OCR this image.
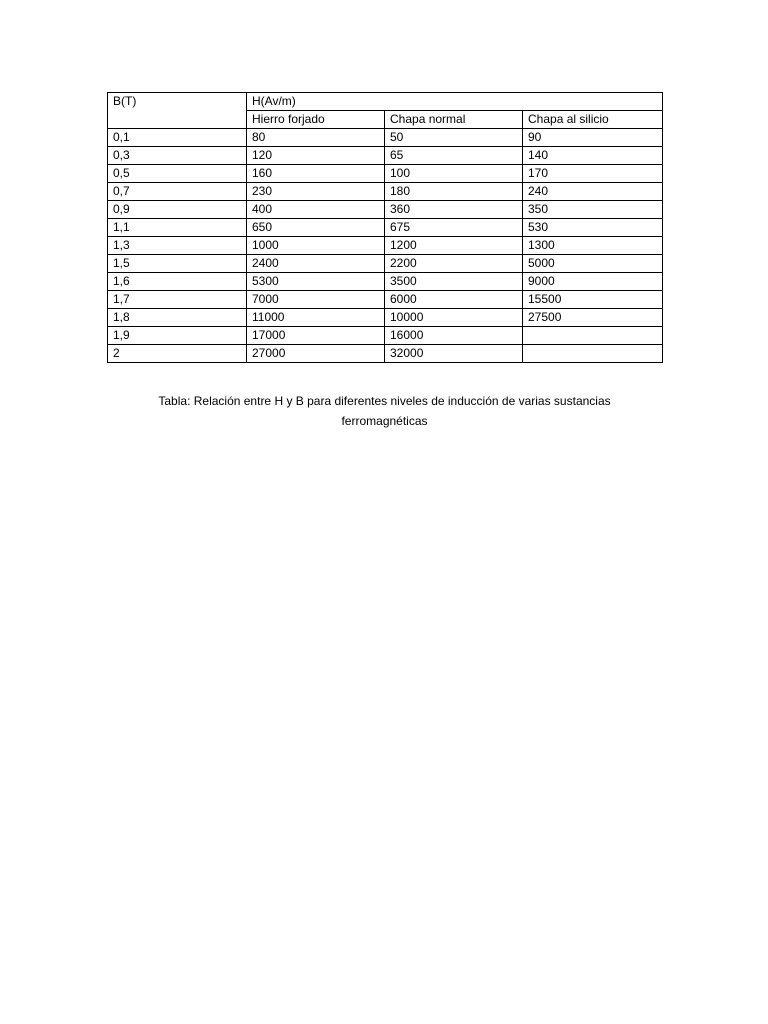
B(T)	H(Av/m)		
	Hierro forjado	Chapa normal	Chapa al silicio
0,1	80	50	90
0,3	120	65	140
0,5	160	100	170
0,7	230	180	240
0,9	400	360	350
1,1	650	675	530
1,3	1000	1200	1300
1,5	2400	2200	5000
1,6	5300	3500	9000
1,7	7000	6000	15500
1,8	11000	10000	27500
1,9	17000	16000	
2	27000	32000	
Tabla: Relación entre H y B para diferentes niveles de inducción de varias sustancias
ferromagnéticas
